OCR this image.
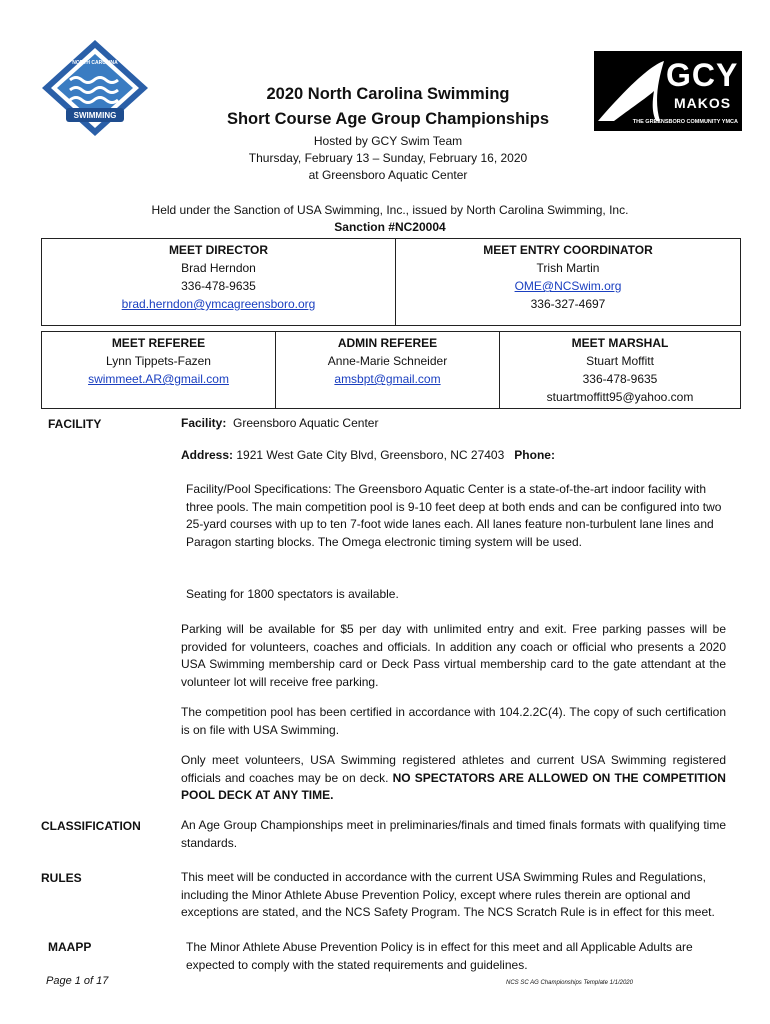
NORTH CAROLINA
SWIMMING
GCY
MAKOS
THE GREENSBORO COMMUNITY YMCA
2020 North Carolina Swimming
Short Course Age Group Championships
Hosted by GCY Swim Team
Thursday, February 13 – Sunday, February 16, 2020
at Greensboro Aquatic Center
Held under the Sanction of USA Swimming, Inc., issued by North Carolina Swimming, Inc.
Sanction #NC20004
MEET DIRECTOR
Brad Herndon
336-478-9635
brad.herndon@ymcagreensboro.org

MEET ENTRY COORDINATOR
Trish Martin
OME@NCSwim.org
336-327-4697
MEET REFEREE
Lynn Tippets-Fazen
swimmeet.AR@gmail.com

ADMIN REFEREE
Anne-Marie Schneider
amsbpt@gmail.com

MEET MARSHAL
Stuart Moffitt
336-478-9635
stuartmoffitt95@yahoo.com
FACILITY	Facility: Greensboro Aquatic Center
Address: 1921 West Gate City Blvd, Greensboro, NC 27403 Phone:
Facility/Pool Specifications: The Greensboro Aquatic Center is a state-of-the-art indoor facility with three pools. The main competition pool is 9-10 feet deep at both ends and can be configured into two 25-yard courses with up to ten 7-foot wide lanes each. All lanes feature non-turbulent lane lines and Paragon starting blocks. The Omega electronic timing system will be used.
Seating for 1800 spectators is available.
Parking will be available for $5 per day with unlimited entry and exit. Free parking passes will be provided for volunteers, coaches and officials. In addition any coach or official who presents a 2020 USA Swimming membership card or Deck Pass virtual membership card to the gate attendant at the volunteer lot will receive free parking.
The competition pool has been certified in accordance with 104.2.2C(4). The copy of such certification is on file with USA Swimming.
Only meet volunteers, USA Swimming registered athletes and current USA Swimming registered officials and coaches may be on deck. NO SPECTATORS ARE ALLOWED ON THE COMPETITION POOL DECK AT ANY TIME.
CLASSIFICATION	An Age Group Championships meet in preliminaries/finals and timed finals formats with qualifying time standards.
RULES	This meet will be conducted in accordance with the current USA Swimming Rules and Regulations, including the Minor Athlete Abuse Prevention Policy, except where rules therein are optional and exceptions are stated, and the NCS Safety Program. The NCS Scratch Rule is in effect for this meet.
MAAPP	The Minor Athlete Abuse Prevention Policy is in effect for this meet and all Applicable Adults are expected to comply with the stated requirements and guidelines.
Page 1 of 17	NCS SC AG Championships Template 1/1/2020
